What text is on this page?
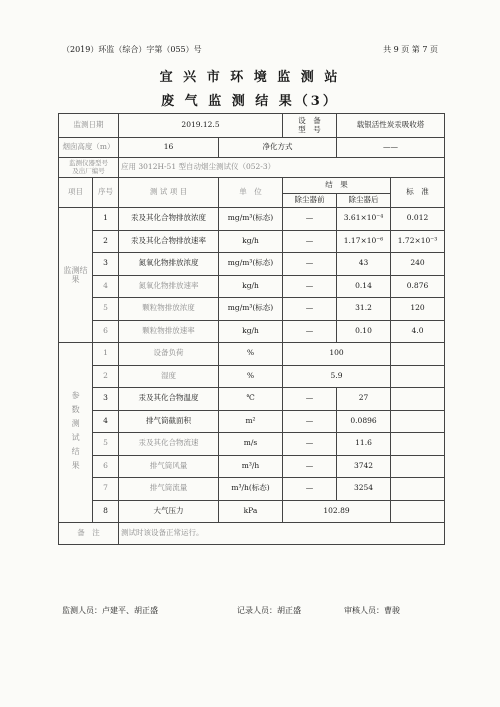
（2019）环监（综合）字第（055）号	共 9 页 第 7 页
宜 兴 市 环 境 监 测 站
废 气 监 测 结 果（3）
监测日期		2019.12.5		设　备
型　号	载银活性炭汞吸收塔	
烟囱高度（m）		16	净化方式		——	
监测仪器型号
及出厂编号		应用 3012H-51 型自动烟尘测试仪（052-3）				
项目	序号	测 试 项 目	单　位	结　果		标　准
				除尘器前	除尘器后	
监测结果	1	汞及其化合物排放浓度	mg/m³(标态)	—	3.61×10⁻⁴	0.012
	2	汞及其化合物排放速率	kg/h	—	1.17×10⁻⁶	1.72×10⁻³
	3	氮氧化物排放浓度	mg/m³(标态)	—	43	240
	4	氮氧化物排放速率	kg/h	—	0.14	0.876
	5	颗粒物排放浓度	mg/m³(标态)	—	31.2	120
	6	颗粒物排放速率	kg/h	—	0.10	4.0
参数测试结果	1	设备负荷	%	100		
	2	湿度	%	5.9		
	3	汞及其化合物温度	℃	—	27	
	4	排气筒截面积	m²	—	0.0896	
	5	汞及其化合物流速	m/s	—	11.6	
	6	排气筒风量	m³/h	—	3742	
	7	排气筒流量	m³/h(标态)	—	3254	
	8	大气压力	kPa	102.89		
备　注		测试时该设备正常运行。				
监测人员：卢建平、胡正盛	记录人员：胡正盛	审核人员：曹骏
